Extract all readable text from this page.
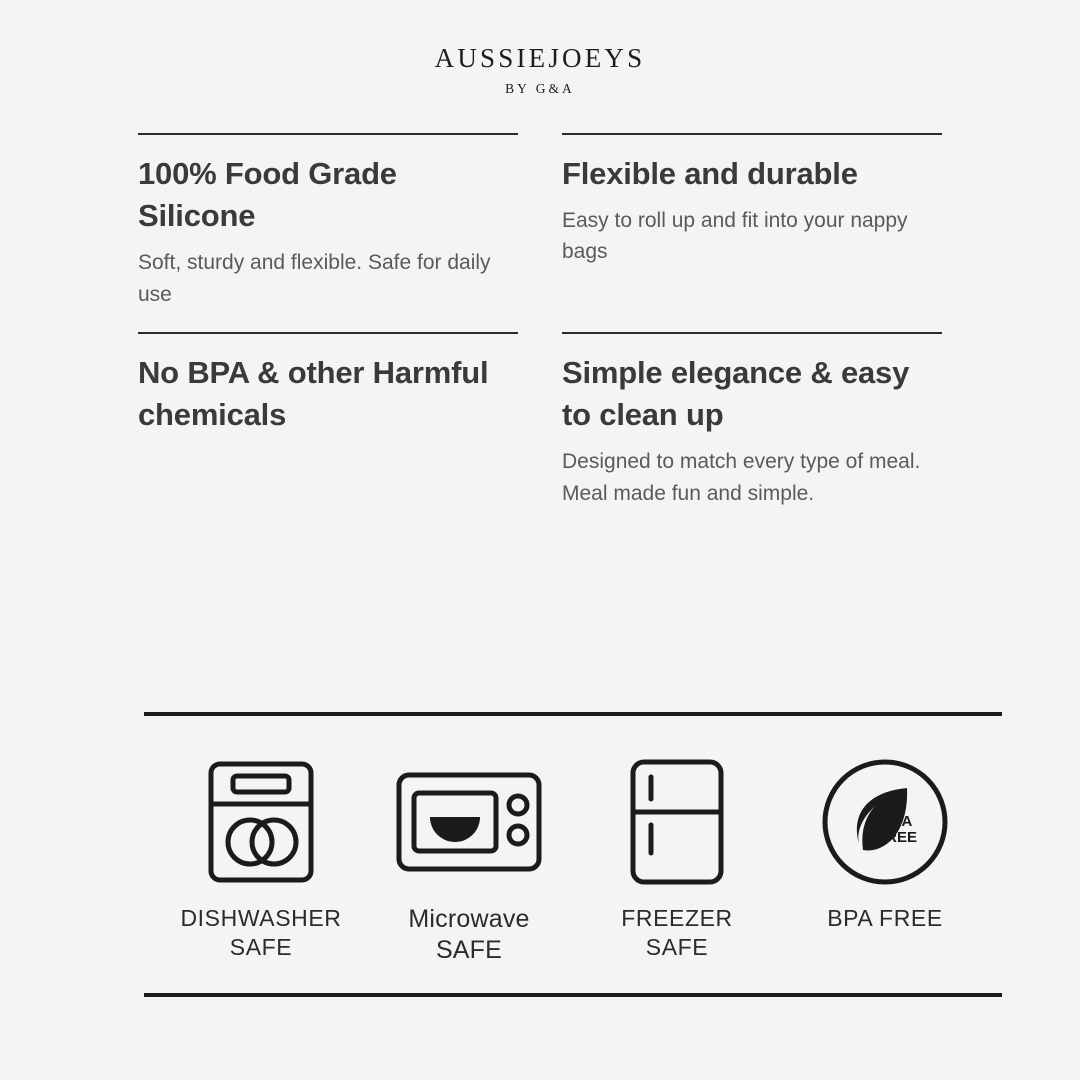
AUSSIEJOEYS
BY G&A
100% Food Grade Silicone
Soft, sturdy and flexible. Safe for daily use
Flexible and durable
Easy to roll up and fit into your nappy bags
No BPA & other Harmful chemicals
Simple elegance & easy to clean up
Designed to match every type of meal. Meal made fun and simple.
DISHWASHER
SAFE
Microwave
SAFE
FREEZER
SAFE
BPA
FREE
BPA FREE
